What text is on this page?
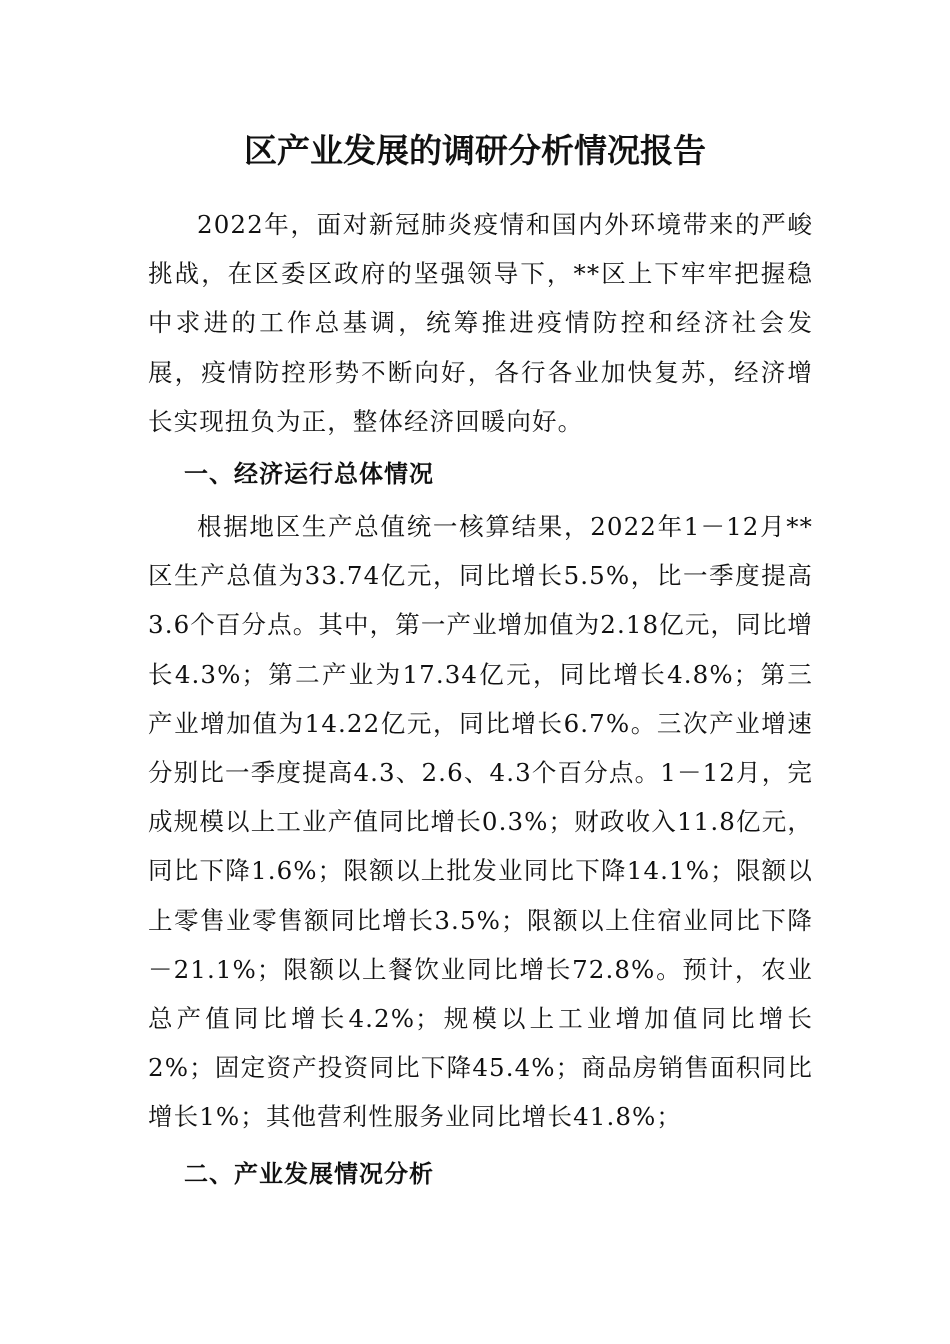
区产业发展的调研分析情况报告
2022年，面对新冠肺炎疫情和国内外环境带来的严峻挑战，在区委区政府的坚强领导下，**区上下牢牢把握稳中求进的工作总基调，统筹推进疫情防控和经济社会发展，疫情防控形势不断向好，各行各业加快复苏，经济增长实现扭负为正，整体经济回暖向好。
一、经济运行总体情况
根据地区生产总值统一核算结果，2022年1－12月**区生产总值为33.74亿元，同比增长5.5%，比一季度提高3.6个百分点。其中，第一产业增加值为2.18亿元，同比增长4.3%；第二产业为17.34亿元，同比增长4.8%；第三产业增加值为14.22亿元，同比增长6.7%。三次产业增速分别比一季度提高4.3、2.6、4.3个百分点。1－12月，完成规模以上工业产值同比增长0.3%；财政收入11.8亿元，同比下降1.6%；限额以上批发业同比下降14.1%；限额以上零售业零售额同比增长3.5%；限额以上住宿业同比下降－21.1%；限额以上餐饮业同比增长72.8%。预计，农业总产值同比增长4.2%；规模以上工业增加值同比增长2%；固定资产投资同比下降45.4%；商品房销售面积同比增长1%；其他营利性服务业同比增长41.8%；
二、产业发展情况分析
